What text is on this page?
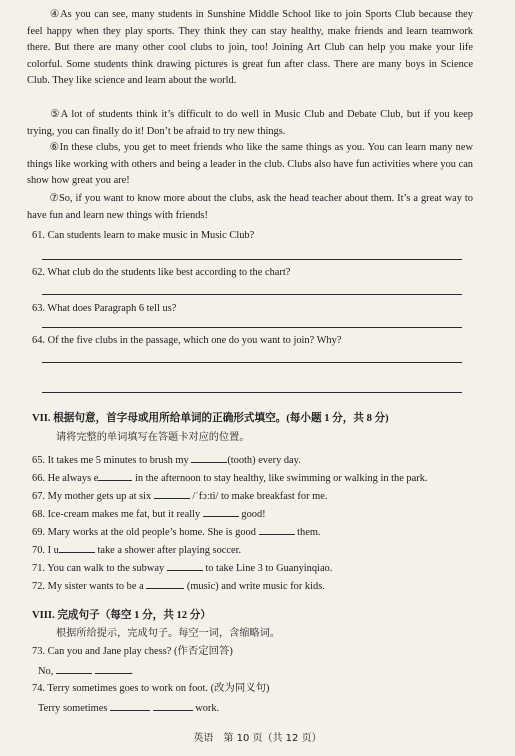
④As you can see, many students in Sunshine Middle School like to join Sports Club because they feel happy when they play sports. They think they can stay healthy, make friends and learn teamwork there. But there are many other cool clubs to join, too! Joining Art Club can help you make your life colorful. Some students think drawing pictures is great fun after class. There are many boys in Science Club. They like science and learn about the world.
⑤A lot of students think it’s difficult to do well in Music Club and Debate Club, but if you keep trying, you can finally do it! Don’t be afraid to try new things.
⑥In these clubs, you get to meet friends who like the same things as you. You can learn many new things like working with others and being a leader in the club. Clubs also have fun activities where you can show how great you are!
⑦So, if you want to know more about the clubs, ask the head teacher about them. It’s a great way to have fun and learn new things with friends!
61. Can students learn to make music in Music Club?
62. What club do the students like best according to the chart?
63. What does Paragraph 6 tell us?
64. Of the five clubs in the passage, which one do you want to join? Why?
VII. 根据句意，首字母或用所给单词的正确形式填空。(每小题 1 分，共 8 分)
请将完整的单词填写在答题卡对应的位置。
65. It takes me 5 minutes to brush my	(tooth) every day.
66. He always e	in the afternoon to stay healthy, like swimming or walking in the park.
67. My mother gets up at six	/ˈfɔːti/ to make breakfast for me.
68. Ice-cream makes me fat, but it really	good!
69. Mary works at the old people’s home. She is good	them.
70. I u	take a shower after playing soccer.
71. You can walk to the subway	to take Line 3 to Guanyinqiao.
72. My sister wants to be a	(music) and write music for kids.
VIII. 完成句子（每空 1 分，共 12 分）
根据所给提示，完成句子。每空一词，含缩略词。
73. Can you and Jane play chess? (作否定回答)
No,	.
74. Terry sometimes goes to work on foot. (改为同义句)
Terry sometimes	work.
英语　第 10 页（共 12 页）
